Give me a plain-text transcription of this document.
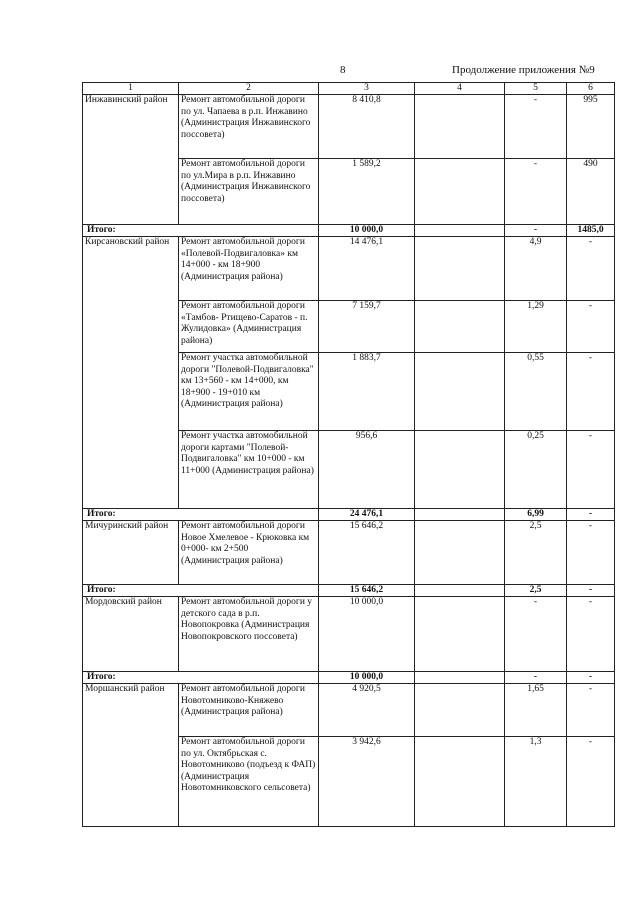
8	Продолжение приложения №9
1	2	3	4	5	6
Инжавинский район	Ремонт автомобильной дороги по ул. Чапаева в р.п. Инжавино (Администрация Инжавинского поссовета)	8 410,8		-	995
	Ремонт автомобильной дороги по ул.Мира в р.п. Инжавино (Администрация Инжавинского поссовета)	1 589,2		-	490
Итого:		10 000,0		-	1485,0
Кирсановский район	Ремонт автомобильной дороги «Полевой-Подвигаловка» км 14+000 - км 18+900 (Администрация района)	14 476,1		4,9	-
	Ремонт автомобильной дороги «Тамбов- Ртищево-Саратов - п. Жулидовка» (Администрация района)	7 159,7		1,29	-
	Ремонт участка автомобильной дороги "Полевой-Подвигаловка" км 13+560 - км 14+000, км 18+900 - 19+010 км (Администрация района)	1 883,7		0,55	-
	Ремонт участка автомобильной дороги картами "Полевой-Подвигаловка" км 10+000 - км 11+000 (Администрация района)	956,6		0,25	-
Итого:		24 476,1		6,99	-
Мичуринский район	Ремонт автомобильной дороги Новое Хмелевое - Крюковка км 0+000- км 2+500 (Администрация района)	15 646,2		2,5	-
Итого:		15 646,2		2,5	-
Мордовский район	Ремонт автомобильной дороги у детского сада в р.п. Новопокровка (Администрация Новопокровского поссовета)	10 000,0		-	-
Итого:		10 000,0		-	-
Моршанский район	Ремонт автомобильной дороги Новотомниково-Княжево (Администрация района)	4 920,5		1,65	-
	Ремонт автомобильной дороги по ул. Октябрьская с. Новотомниково (подъезд к ФАП) (Администрация Новотомниковского сельсовета)	3 942,6		1,3	-
